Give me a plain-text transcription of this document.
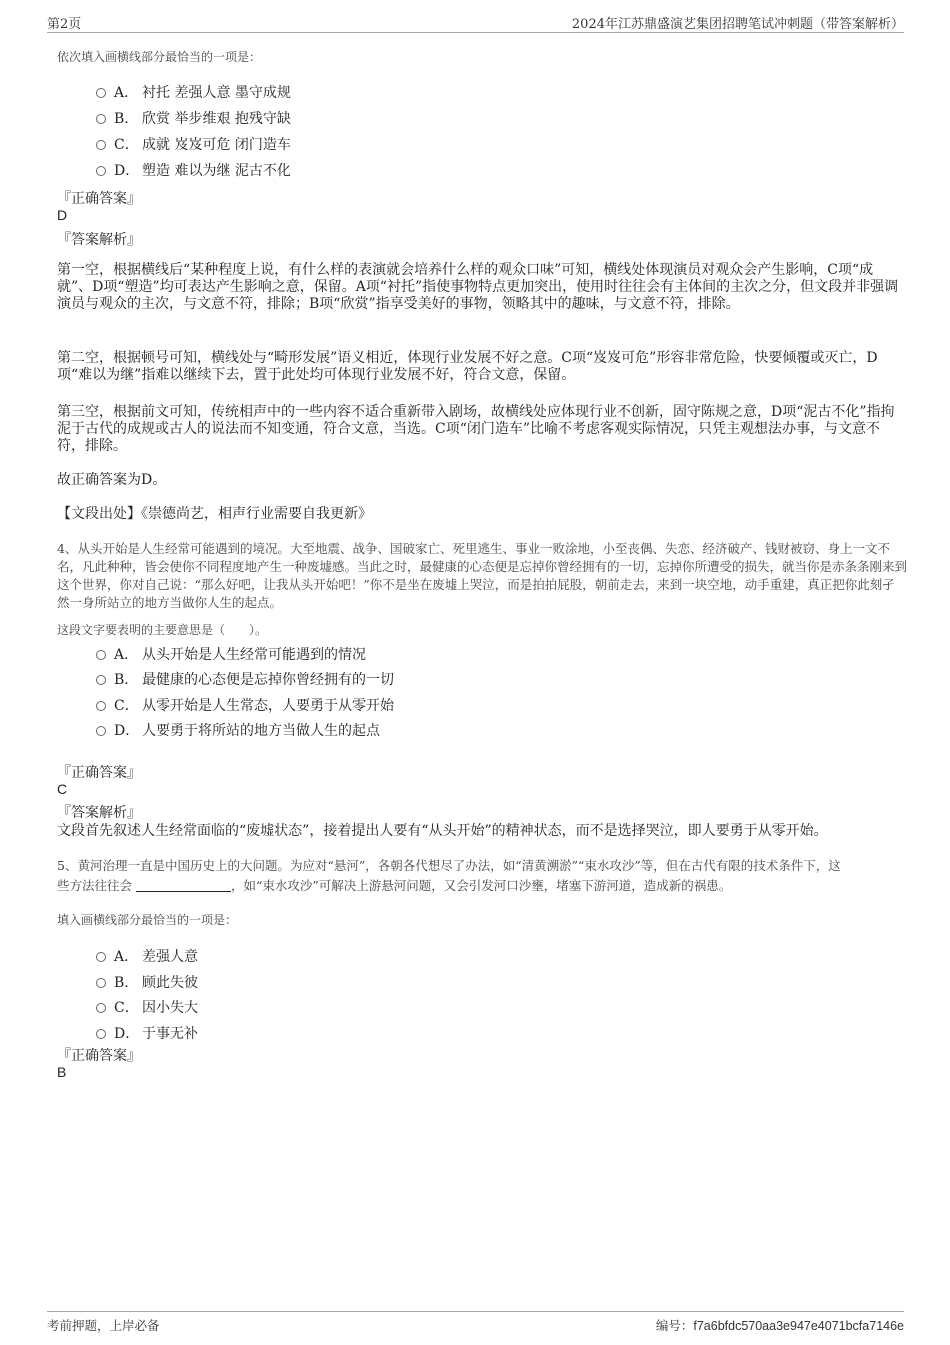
第2页	2024年江苏鼎盛演艺集团招聘笔试冲刺题（带答案解析）
依次填入画横线部分最恰当的一项是：
A． 衬托 差强人意 墨守成规
B． 欣赏 举步维艰 抱残守缺
C． 成就 岌岌可危 闭门造车
D． 塑造 难以为继 泥古不化
『正确答案』
D
『答案解析』
第一空，根据横线后“某种程度上说，有什么样的表演就会培养什么样的观众口味”可知，横线处体现演员对观众会产生影响，C项“成就”、D项“塑造”均可表达产生影响之意，保留。A项“衬托”指使事物特点更加突出，使用时往往会有主体间的主次之分，但文段并非强调演员与观众的主次，与文意不符，排除；B项“欣赏”指享受美好的事物，领略其中的趣味，与文意不符，排除。
第二空，根据顿号可知，横线处与“畸形发展”语义相近，体现行业发展不好之意。C项“岌岌可危”形容非常危险，快要倾覆或灭亡，D项“难以为继”指难以继续下去，置于此处均可体现行业发展不好，符合文意，保留。
第三空，根据前文可知，传统相声中的一些内容不适合重新带入剧场，故横线处应体现行业不创新，固守陈规之意，D项“泥古不化”指拘泥于古代的成规或古人的说法而不知变通，符合文意，当选。C项“闭门造车”比喻不考虑客观实际情况，只凭主观想法办事，与文意不符，排除。
故正确答案为D。
【文段出处】《崇德尚艺，相声行业需要自我更新》
4、从头开始是人生经常可能遇到的境况。大至地震、战争、国破家亡、死里逃生、事业一败涂地，小至丧偶、失恋、经济破产、钱财被窃、身上一文不名，凡此种种，皆会使你不同程度地产生一种废墟感。当此之时，最健康的心态便是忘掉你曾经拥有的一切，忘掉你所遭受的损失，就当你是赤条条刚来到这个世界，你对自己说：“那么好吧，让我从头开始吧！”你不是坐在废墟上哭泣，而是拍拍屁股，朝前走去，来到一块空地，动手重建，真正把你此刻孑然一身所站立的地方当做你人生的起点。
这段文字要表明的主要意思是（　　）。
A． 从头开始是人生经常可能遇到的情况
B． 最健康的心态便是忘掉你曾经拥有的一切
C． 从零开始是人生常态，人要勇于从零开始
D． 人要勇于将所站的地方当做人生的起点
『正确答案』
C
『答案解析』
文段首先叙述人生经常面临的“废墟状态”，接着提出人要有“从头开始”的精神状态，而不是选择哭泣，即人要勇于从零开始。
5、黄河治理一直是中国历史上的大问题。为应对“悬河”，各朝各代想尽了办法，如“清黄溯淤”“束水攻沙”等，但在古代有限的技术条件下，这
些方法往往会	，如“束水攻沙”可解决上游悬河问题，又会引发河口沙壅，堵塞下游河道，造成新的祸患。
填入画横线部分最恰当的一项是：
A． 差强人意
B． 顾此失彼
C． 因小失大
D． 于事无补
『正确答案』
B
考前押题，上岸必备	编号：f7a6bfdc570aa3e947e4071bcfa7146e
